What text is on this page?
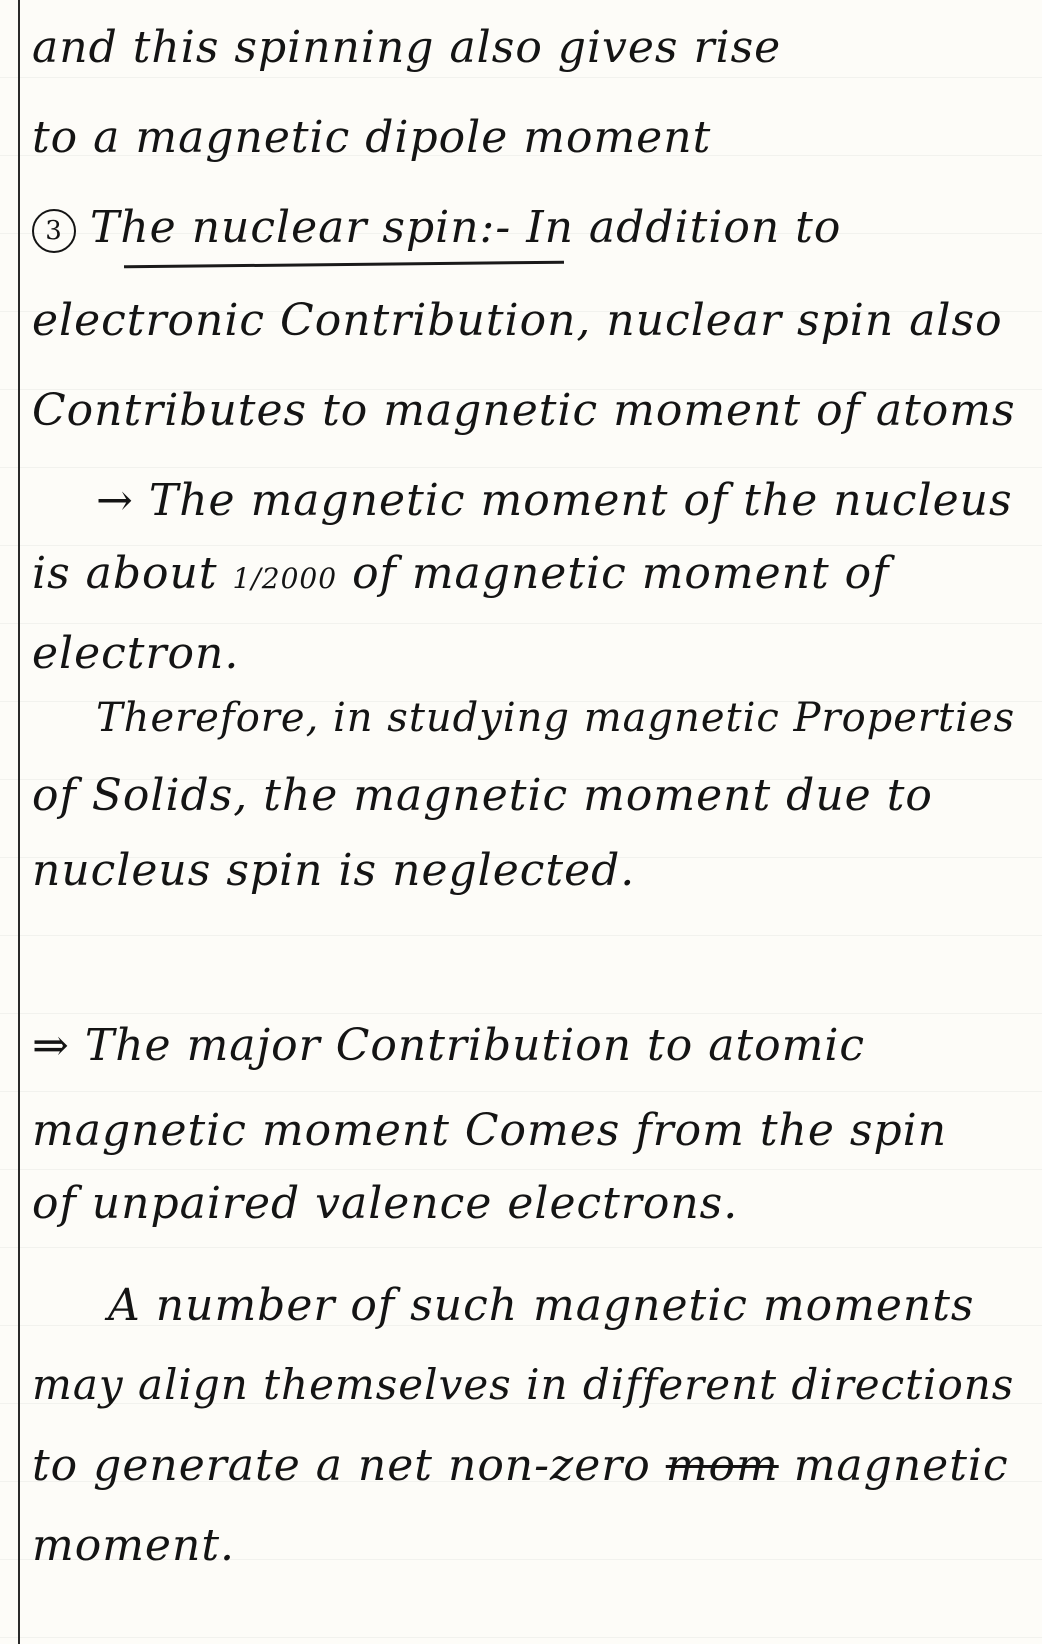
and this spinning also gives rise
to a magnetic dipole moment
3 The nuclear spin:- In addition to
electronic Contribution, nuclear spin also
Contributes to magnetic moment of atoms
→ The magnetic moment of the nucleus
is about 1/2000 of magnetic moment of
electron.
Therefore, in studying magnetic Properties
of Solids, the magnetic moment due to
nucleus spin is neglected.
⇒ The major Contribution to atomic
magnetic moment Comes from the spin
of unpaired valence electrons.
A number of such magnetic moments
may align themselves in different directions
to generate a net non-zero mom magnetic
moment.
